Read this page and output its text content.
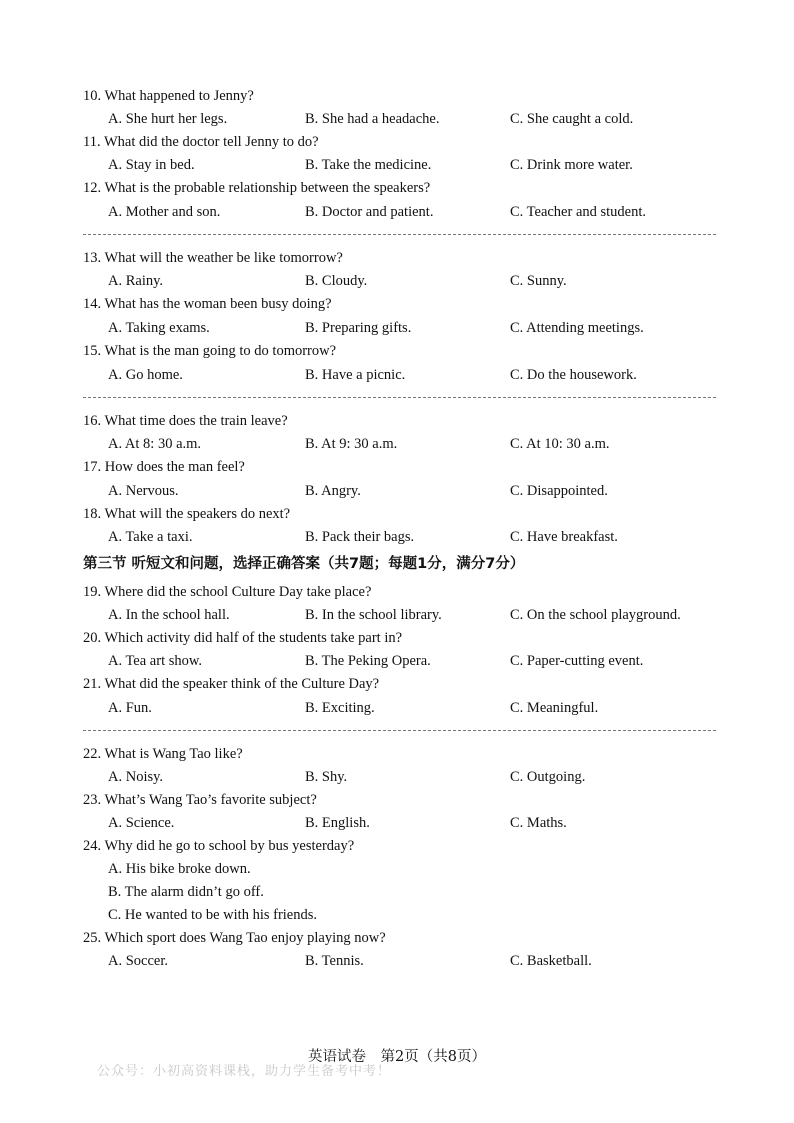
10. What happened to Jenny?
A. She hurt her legs.	B. She had a headache.	C. She caught a cold.
11. What did the doctor tell Jenny to do?
A. Stay in bed.	B. Take the medicine.	C. Drink more water.
12. What is the probable relationship between the speakers?
A. Mother and son.	B. Doctor and patient.	C. Teacher and student.
13. What will the weather be like tomorrow?
A. Rainy.	B. Cloudy.	C. Sunny.
14. What has the woman been busy doing?
A. Taking exams.	B. Preparing gifts.	C. Attending meetings.
15. What is the man going to do tomorrow?
A. Go home.	B. Have a picnic.	C. Do the housework.
16. What time does the train leave?
A. At 8: 30 a.m.	B. At 9: 30 a.m.	C. At 10: 30 a.m.
17. How does the man feel?
A. Nervous.	B. Angry.	C. Disappointed.
18. What will the speakers do next?
A. Take a taxi.	B. Pack their bags.	C. Have breakfast.
第三节 听短文和问题，选择正确答案（共7题；每题1分，满分7分）
19. Where did the school Culture Day take place?
A. In the school hall.	B. In the school library.	C. On the school playground.
20. Which activity did half of the students take part in?
A. Tea art show.	B. The Peking Opera.	C. Paper-cutting event.
21. What did the speaker think of the Culture Day?
A. Fun.	B. Exciting.	C. Meaningful.
22. What is Wang Tao like?
A. Noisy.	B. Shy.	C. Outgoing.
23. What’s Wang Tao’s favorite subject?
A. Science.	B. English.	C. Maths.
24. Why did he go to school by bus yesterday?
A. His bike broke down.
B. The alarm didn’t go off.
C. He wanted to be with his friends.
25. Which sport does Wang Tao enjoy playing now?
A. Soccer.	B. Tennis.	C. Basketball.
英语试卷　第2页（共8页）
公众号：小初高资料课栈，助力学生备考中考！
